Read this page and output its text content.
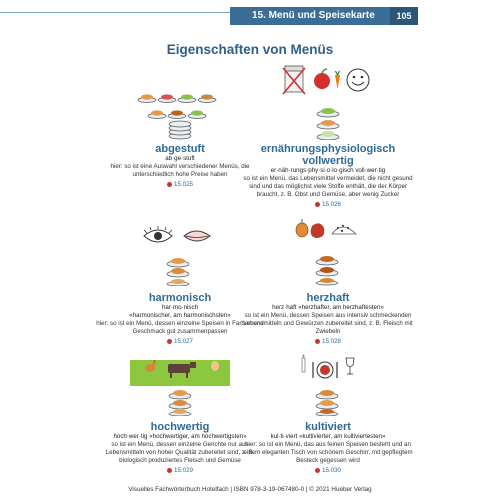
15. Menü und Speisekarte	105
Eigenschaften von Menüs
abgestuft
ab·ge·stuft
hier: so ist eine Auswahl verschiedener Menüs, die unterschiedlich hohe Preise haben
15.025
ernährungsphysiologisch
vollwertig
er·näh·rungs·phy·si·o·lo·gisch voll·wer·tig
so ist ein Menü, das Lebensmittel vermeidet, die nicht gesund sind und das möglichst viele Stoffe enthält, die der Körper braucht, z. B. Obst und Gemüse, aber wenig Zucker
15.026
harmonisch
har·mo·nisch
«harmonischer, am harmonischsten»
hier: so ist ein Menü, dessen einzelne Speisen in Farben und Geschmack gut zusammenpassen
15.027
herzhaft
herz·haft «herzhafter, am herzhaftesten»
so ist ein Menü, dessen Speisen aus intensiv schmeckenden Lebensmitteln und Gewürzen zubereitet sind, z. B. Fleisch mit Zwiebeln
15.028
hochwertig
hoch·wer·tig «hochwertiger, am hochwertigsten»
so ist ein Menü, dessen einzelne Gerichte nur aus Lebensmitteln von hoher Qualität zubereitet sind, z. B. biologisch produziertes Fleisch und Gemüse
15.029
kultiviert
kul·ti·viert «kultivierter, am kultiviertesten»
hier: so ist ein Menü, das aus feinen Speisen besteht und an einem eleganten Tisch von schönem Geschirr, mit gepflegtem Besteck gegessen wird
15.030
Visuelles Fachwörterbuch Hotelfach | ISBN 978-3-19-067480-0 | © 2021 Hueber Verlag
